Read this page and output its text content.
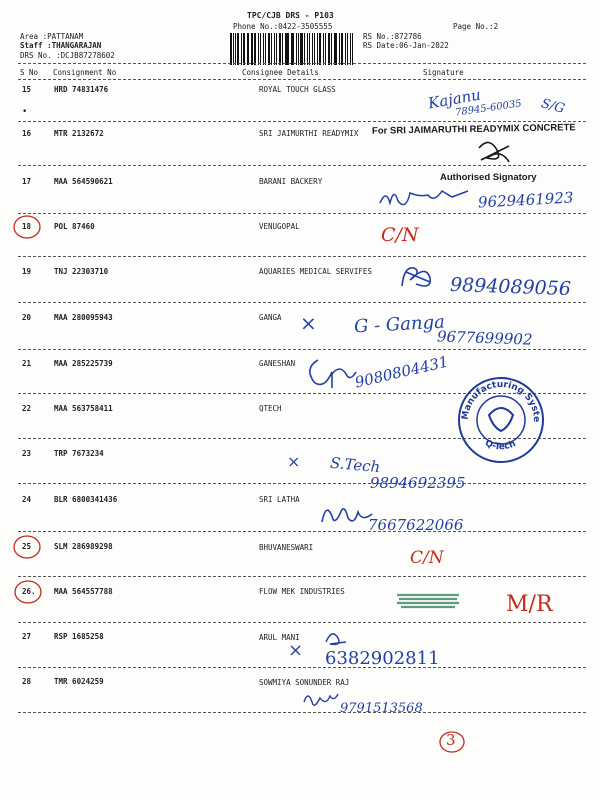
TPC/CJB DRS - P103
Phone No.:0422-3505555	Page No.:2
Area :PATTANAM
Staff :THANGARAJAN
DRS No. :DCJB87278602
RS No.:872786
RS Date:06-Jan-2022
S No Consignment No	Consignee Details	Signature
15	HRD 74831476	ROYAL TOUCH GLASS
•
16	MTR 2132672	SRI JAIMURTHI READYMIX
17	MAA 564590621	BARANI BACKERY
18	POL 87460	VENUGOPAL
19	TNJ 22303710	AQUARIES MEDICAL SERVIFES
20	MAA 280095943	GANGA
21	MAA 285225739	GANESHAN
22	MAA 563758411	QTECH
23	TRP 7673234
24	BLR 6800341436	SRI LATHA
25	SLM 286989298	BHUVANESWARI
26. MAA 564557788	FLOW MEK INDUSTRIES
27	RSP 1685258	ARUL MANI
28	TMR 6024259	SOWMIYA SONUNDER RAJ
Manufacturing Systems
Q-Tech
For SRI JAIMARUTHI READYMIX CONCRETE
Authorised Signatory
Kajanu
78945-60035 S/G
9629461923
C/N
9894089056
× G - Ganga
9677699902
9080804431
× S.Tech
9894692395
7667622066
C/N
M/R
× 6382902811
9791513568
3
